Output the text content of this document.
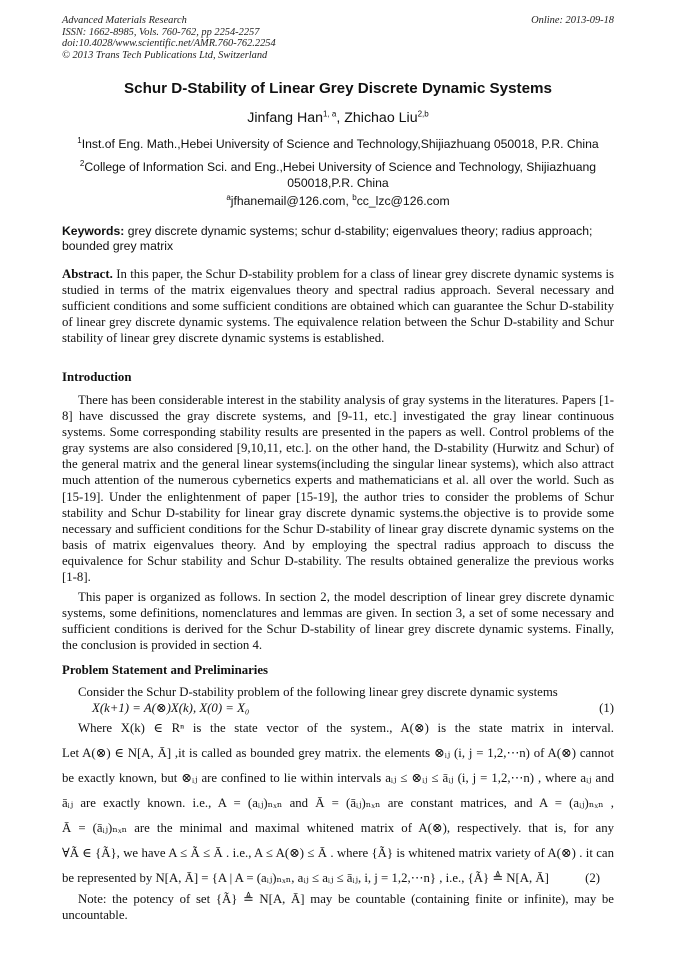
Advanced Materials Research
ISSN: 1662-8985, Vols. 760-762, pp 2254-2257
doi:10.4028/www.scientific.net/AMR.760-762.2254
© 2013 Trans Tech Publications Ltd, Switzerland
Online: 2013-09-18
Schur D-Stability of Linear Grey Discrete Dynamic Systems
Jinfang Han$^{1, a}$, Zhichao Liu$^{2,b}$
$^1$Inst.of Eng. Math.,Hebei University of Science and Technology,Shijiazhuang 050018, P.R. China
$^2$College of Information Sci. and Eng.,Hebei University of Science and Technology, Shijiazhuang 050018,P.R. China
$^a$jfhanemail@126.com, $^b$cc_lzc@126.com
Keywords: grey discrete dynamic systems; schur d-stability; eigenvalues theory; radius approach; bounded grey matrix
Abstract. In this paper, the Schur D-stability problem for a class of linear grey discrete dynamic systems is studied in terms of the matrix eigenvalues theory and spectral radius approach. Several necessary and sufficient conditions and some sufficient conditions are obtained which can guarantee the Schur D-stability of linear grey discrete dynamic systems. The equivalence relation between the Schur D-stability and Schur stability of linear grey discrete dynamic systems is established.
Introduction
There has been considerable interest in the stability analysis of gray systems in the literatures. Papers [1-8] have discussed the gray discrete systems, and [9-11, etc.] investigated the gray linear continuous systems. Some corresponding stability results are presented in the papers as well. Control problems of the gray systems are also considered [9,10,11, etc.]. on the other hand, the D-stability (Hurwitz and Schur) of the general matrix and the general linear systems(including the singular linear systems), which also attract much attention of the numerous cybernetics experts and mathematicians et al. all over the world. Such as [15-19]. Under the enlightenment of paper [15-19], the author tries to consider the problems of Schur stability and Schur D-stability for linear gray discrete dynamic systems.the objective is to provide some necessary and sufficient conditions for the Schur D-stability of linear gray discrete dynamic systems on the basis of matrix eigenvalues theory. And by employing the spectral radius approach to discuss the equivalence for Schur stability and Schur D-stability. The results obtained generalize the previous works [1-8].
This paper is organized as follows. In section 2, the model description of linear grey discrete dynamic systems, some definitions, nomenclatures and lemmas are given. In section 3, a set of some necessary and sufficient conditions is derived for the Schur D-stability of linear grey discrete dynamic systems. Finally, the conclusion is provided in section 4.
Problem Statement and Preliminaries

Consider the Schur D-stability problem of the following linear grey discrete dynamic systems

X(k+1) = A(⊗)X(k), X(0) = X₀	(1)
Where X(k) ∈ Rⁿ is the state vector of the system., A(⊗) is the state matrix in interval.
Let A(⊗) ∈ N[A, Ā] ,it is called as bounded grey matrix. the elements ⊗ᵢⱼ (i, j = 1,2,⋯n) of A(⊗) cannot
be exactly known, but ⊗ᵢⱼ are confined to lie within intervals aᵢⱼ ≤ ⊗ᵢⱼ ≤ āᵢⱼ (i, j = 1,2,⋯n) , where aᵢⱼ and
āᵢⱼ are exactly known. i.e., A = (aᵢⱼ)ₙₓₙ and Ā = (āᵢⱼ)ₙₓₙ are constant matrices, and A = (aᵢⱼ)ₙₓₙ ,
Ā = (āᵢⱼ)ₙₓₙ are the minimal and maximal whitened matrix of A(⊗), respectively. that is, for any
∀Ã ∈ {Ã}, we have A ≤ Ã ≤ Ā . i.e., A ≤ A(⊗) ≤ Ā . where {Ã} is whitened matrix variety of A(⊗) . it can
be represented by N[A, Ā] = {A | A = (aᵢⱼ)ₙₓₙ, aᵢⱼ ≤ aᵢⱼ ≤ āᵢⱼ, i, j = 1,2,⋯n} , i.e., {Ã} ≜ N[A, Ā]	(2)

Note: the potency of set {Ã} ≜ N[A, Ā] may be countable (containing finite or infinite), may be uncountable.
